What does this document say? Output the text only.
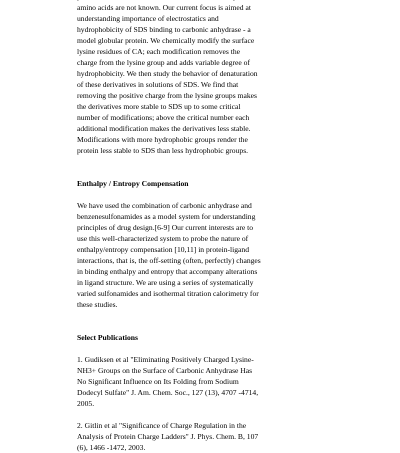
amino acids are not known. Our current focus is aimed at
understanding importance of electrostatics and
hydrophobicity of SDS binding to carbonic anhydrase - a
model globular protein. We chemically modify the surface
lysine residues of CA; each modification removes the
charge from the lysine group and adds variable degree of
hydrophobicity. We then study the behavior of denaturation
of these derivatives in solutions of SDS. We find that
removing the positive charge from the lysine groups makes
the derivatives more stable to SDS up to some critical
number of modifications; above the critical number each
additional modification makes the derivatives less stable.
Modifications with more hydrophobic groups render the
protein less stable to SDS than less hydrophobic groups.

Enthalpy / Entropy Compensation

We have used the combination of carbonic anhydrase and
benzenesulfonamides as a model system for understanding
principles of drug design.[6-9] Our current interests are to
use this well-characterized system to probe the nature of
enthalpy/entropy compensation [10,11] in protein-ligand
interactions, that is, the off-setting (often, perfectly) changes
in binding enthalpy and entropy that accompany alterations
in ligand structure. We are using a series of systematically
varied sulfonamides and isothermal titration calorimetry for
these studies.

Select Publications

1. Gudiksen et al "Eliminating Positively Charged Lysine-
NH3+ Groups on the Surface of Carbonic Anhydrase Has
No Significant Influence on Its Folding from Sodium
Dodecyl Sulfate" J. Am. Chem. Soc., 127 (13), 4707 -4714,
2005.

2. Gitlin et al "Significance of Charge Regulation in the
Analysis of Protein Charge Ladders" J. Phys. Chem. B, 107
(6), 1466 -1472, 2003.
